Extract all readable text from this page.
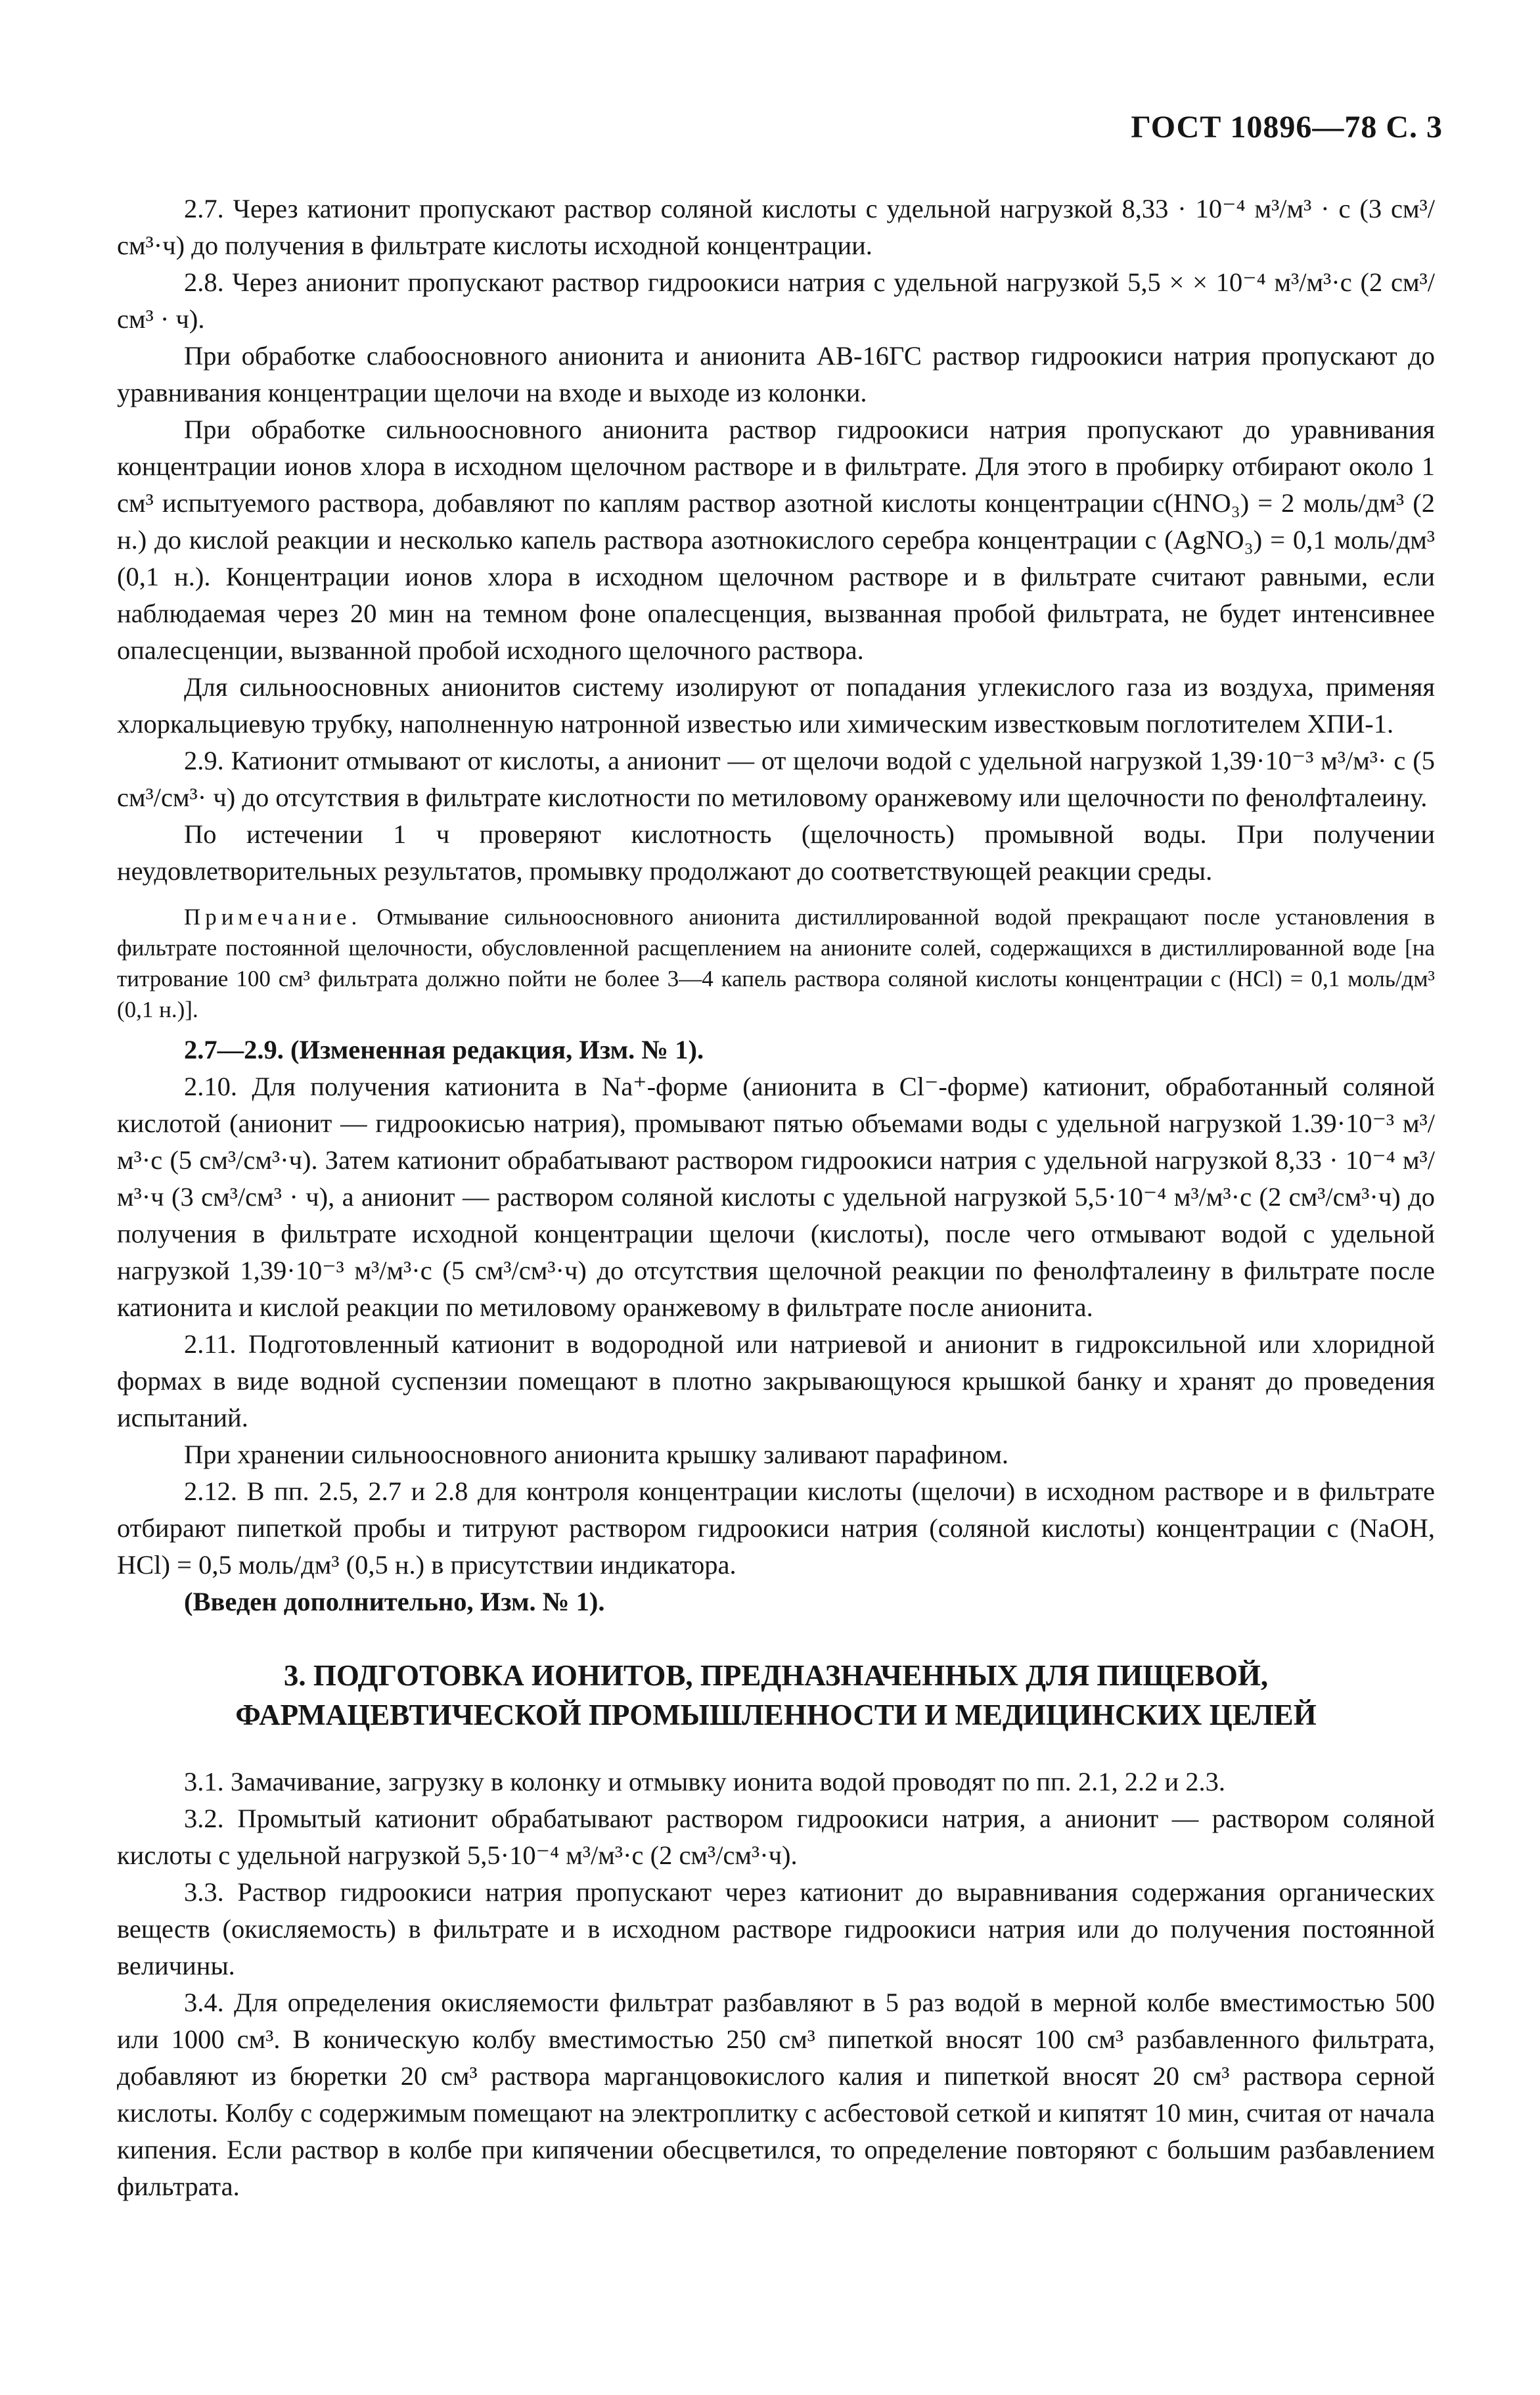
ГОСТ 10896—78 С. 3

2.7. Через катионит пропускают раствор соляной кислоты с удельной нагрузкой 8,33 · 10⁻⁴ м³/м³ · с (3 см³/см³·ч) до получения в фильтрате кислоты исходной концентрации.

2.8. Через анионит пропускают раствор гидроокиси натрия с удельной нагрузкой 5,5 × × 10⁻⁴ м³/м³·с (2 см³/см³ · ч).

При обработке слабоосновного анионита и анионита АВ-16ГС раствор гидроокиси натрия пропускают до уравнивания концентрации щелочи на входе и выходе из колонки.

При обработке сильноосновного анионита раствор гидроокиси натрия пропускают до уравнивания концентрации ионов хлора в исходном щелочном растворе и в фильтрате. Для этого в пробирку отбирают около 1 см³ испытуемого раствора, добавляют по каплям раствор азотной кислоты концентрации c(HNO₃) = 2 моль/дм³ (2 н.) до кислой реакции и несколько капель раствора азотнокислого серебра концентрации c (AgNO₃) = 0,1 моль/дм³ (0,1 н.). Концентрации ионов хлора в исходном щелочном растворе и в фильтрате считают равными, если наблюдаемая через 20 мин на темном фоне опалесценция, вызванная пробой фильтрата, не будет интенсивнее опалесценции, вызванной пробой исходного щелочного раствора.

Для сильноосновных анионитов систему изолируют от попадания углекислого газа из воздуха, применяя хлоркальциевую трубку, наполненную натронной известью или химическим известковым поглотителем ХПИ-1.

2.9. Катионит отмывают от кислоты, а анионит — от щелочи водой с удельной нагрузкой 1,39·10⁻³ м³/м³· с (5 см³/см³· ч) до отсутствия в фильтрате кислотности по метиловому оранжевому или щелочности по фенолфталеину.

По истечении 1 ч проверяют кислотность (щелочность) промывной воды. При получении неудовлетворительных результатов, промывку продолжают до соответствующей реакции среды.

Примечание. Отмывание сильноосновного анионита дистиллированной водой прекращают после установления в фильтрате постоянной щелочности, обусловленной расщеплением на анионите солей, содержащихся в дистиллированной воде [на титрование 100 см³ фильтрата должно пойти не более 3—4 капель раствора соляной кислоты концентрации c (HCl) = 0,1 моль/дм³ (0,1 н.)].

2.7—2.9. (Измененная редакция, Изм. № 1).

2.10. Для получения катионита в Na⁺-форме (анионита в Cl⁻-форме) катионит, обработанный соляной кислотой (анионит — гидроокисью натрия), промывают пятью объемами воды с удельной нагрузкой 1.39·10⁻³ м³/м³·с (5 см³/см³·ч). Затем катионит обрабатывают раствором гидроокиси натрия с удельной нагрузкой 8,33 · 10⁻⁴ м³/м³·ч (3 см³/см³ · ч), а анионит — раствором соляной кислоты с удельной нагрузкой 5,5·10⁻⁴ м³/м³·с (2 см³/см³·ч) до получения в фильтрате исходной концентрации щелочи (кислоты), после чего отмывают водой с удельной нагрузкой 1,39·10⁻³ м³/м³·с (5 см³/см³·ч) до отсутствия щелочной реакции по фенолфталеину в фильтрате после катионита и кислой реакции по метиловому оранжевому в фильтрате после анионита.

2.11. Подготовленный катионит в водородной или натриевой и анионит в гидроксильной или хлоридной формах в виде водной суспензии помещают в плотно закрывающуюся крышкой банку и хранят до проведения испытаний.

При хранении сильноосновного анионита крышку заливают парафином.

2.12. В пп. 2.5, 2.7 и 2.8 для контроля концентрации кислоты (щелочи) в исходном растворе и в фильтрате отбирают пипеткой пробы и титруют раствором гидроокиси натрия (соляной кислоты) концентрации c (NaOH, HCl) = 0,5 моль/дм³ (0,5 н.) в присутствии индикатора.

(Введен дополнительно, Изм. № 1).

3. ПОДГОТОВКА ИОНИТОВ, ПРЕДНАЗНАЧЕННЫХ ДЛЯ ПИЩЕВОЙ,
ФАРМАЦЕВТИЧЕСКОЙ ПРОМЫШЛЕННОСТИ И МЕДИЦИНСКИХ ЦЕЛЕЙ

3.1. Замачивание, загрузку в колонку и отмывку ионита водой проводят по пп. 2.1, 2.2 и 2.3.

3.2. Промытый катионит обрабатывают раствором гидроокиси натрия, а анионит — раствором соляной кислоты с удельной нагрузкой 5,5·10⁻⁴ м³/м³·с (2 см³/см³·ч).

3.3. Раствор гидроокиси натрия пропускают через катионит до выравнивания содержания органических веществ (окисляемость) в фильтрате и в исходном растворе гидроокиси натрия или до получения постоянной величины.

3.4. Для определения окисляемости фильтрат разбавляют в 5 раз водой в мерной колбе вместимостью 500 или 1000 см³. В коническую колбу вместимостью 250 см³ пипеткой вносят 100 см³ разбавленного фильтрата, добавляют из бюретки 20 см³ раствора марганцовокислого калия и пипеткой вносят 20 см³ раствора серной кислоты. Колбу с содержимым помещают на электроплитку с асбестовой сеткой и кипятят 10 мин, считая от начала кипения. Если раствор в колбе при кипячении обесцветился, то определение повторяют с большим разбавлением фильтрата.
